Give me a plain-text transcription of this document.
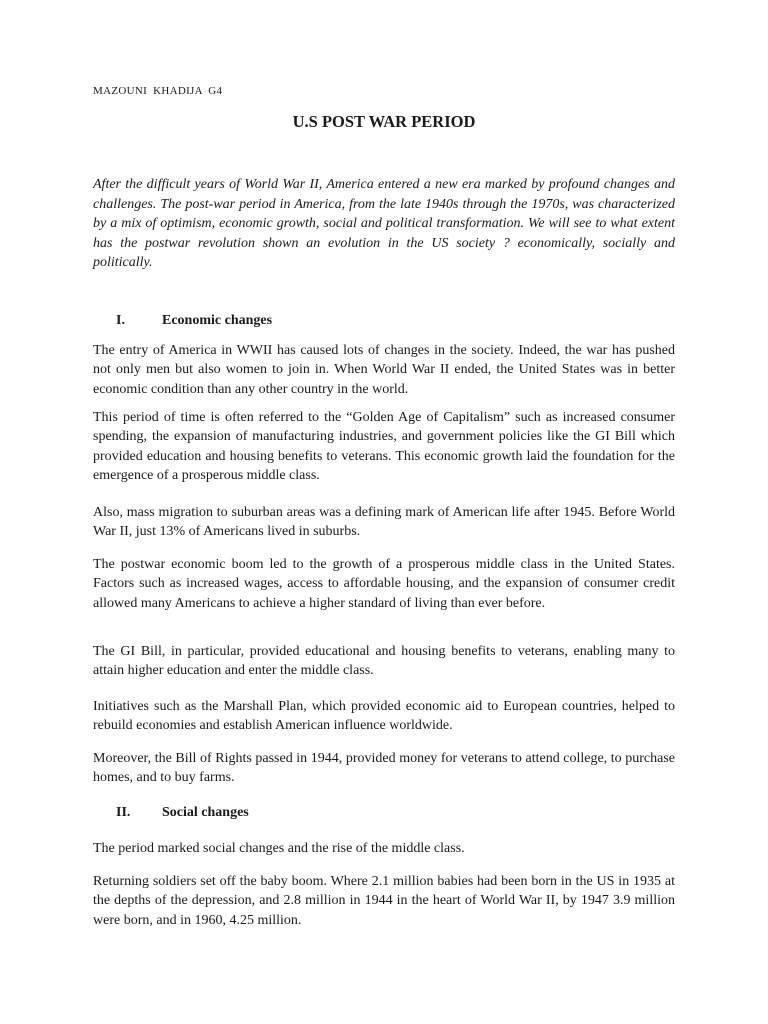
MAZOUNI KHADIJA G4
U.S POST WAR PERIOD

After the difficult years of World War II, America entered a new era marked by profound changes and challenges. The post-war period in America, from the late 1940s through the 1970s, was characterized by a mix of optimism, economic growth, social and political transformation. We will see to what extent has the postwar revolution shown an evolution in the US society ? economically, socially and politically.

I.	Economic changes

The entry of America in WWII has caused lots of changes in the society. Indeed, the war has pushed not only men but also women to join in. When World War II ended, the United States was in better economic condition than any other country in the world.

This period of time is often referred to the “Golden Age of Capitalism” such as increased consumer spending, the expansion of manufacturing industries, and government policies like the GI Bill which provided education and housing benefits to veterans. This economic growth laid the foundation for the emergence of a prosperous middle class.

Also, mass migration to suburban areas was a defining mark of American life after 1945. Before World War II, just 13% of Americans lived in suburbs.

The postwar economic boom led to the growth of a prosperous middle class in the United States. Factors such as increased wages, access to affordable housing, and the expansion of consumer credit allowed many Americans to achieve a higher standard of living than ever before.

The GI Bill, in particular, provided educational and housing benefits to veterans, enabling many to attain higher education and enter the middle class.

Initiatives such as the Marshall Plan, which provided economic aid to European countries, helped to rebuild economies and establish American influence worldwide.

Moreover, the Bill of Rights passed in 1944, provided money for veterans to attend college, to purchase homes, and to buy farms.

II. Social changes

The period marked social changes and the rise of the middle class.

Returning soldiers set off the baby boom. Where 2.1 million babies had been born in the US in 1935 at the depths of the depression, and 2.8 million in 1944 in the heart of World War II, by 1947 3.9 million were born, and in 1960, 4.25 million.
